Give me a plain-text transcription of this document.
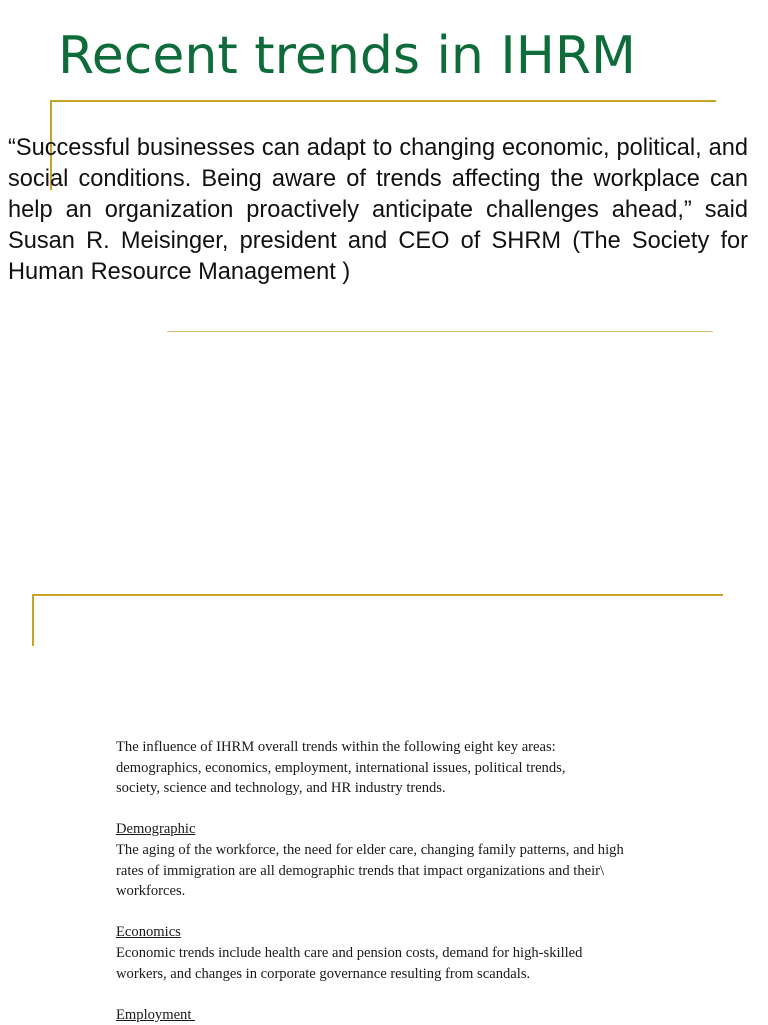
Recent trends in IHRM

“Successful businesses can adapt to changing economic, political, and social conditions. Being aware of trends affecting the workplace can help an organization proactively anticipate challenges ahead,” said Susan R. Meisinger, president and CEO of SHRM (The Society for Human Resource Management )

The influence of IHRM overall trends within the following eight key areas:

demographics, economics, employment, international issues, political trends,

society, science and technology, and HR industry trends.

Demographic

The aging of the workforce, the need for elder care, changing family patterns, and high

rates of immigration are all demographic trends that impact organizations and their\

workforces.

Economics

Economic trends include health care and pension costs, demand for high-skilled

workers, and changes in corporate governance resulting from scandals.

Employment
